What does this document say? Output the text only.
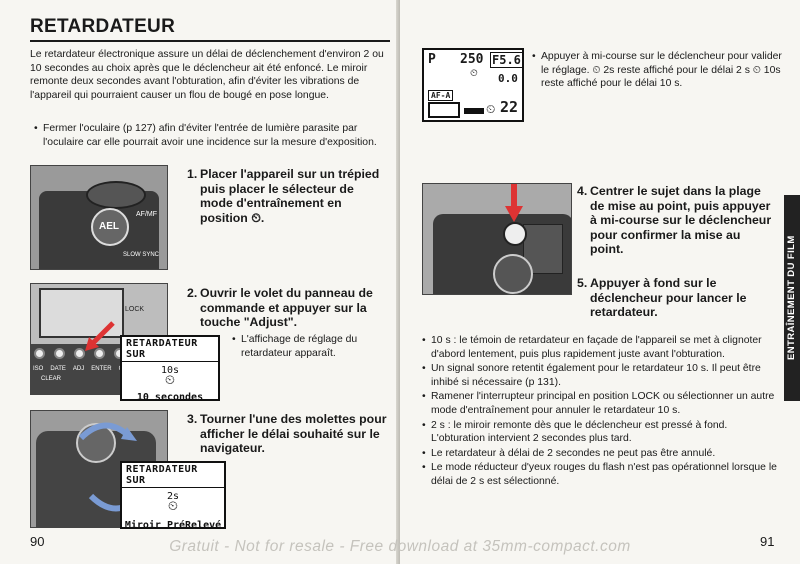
RETARDATEUR
Le retardateur électronique assure un délai de déclenchement d'environ 2 ou 10 secondes au choix après que le déclencheur ait été enfoncé. Le miroir remonte deux secondes avant l'obturation, afin d'éviter les vibrations de l'appareil qui pourraient causer un flou de bougé en pose longue.
• Fermer l'oculaire (p 127) afin d'éviter l'entrée de lumière parasite par l'oculaire car elle pourrait avoir une incidence sur la mesure d'exposition.
AEL
AF/MF
SLOW SYNC
1. Placer l'appareil sur un trépied puis placer le sélecteur de mode d'entraînement en position ⏲.
LOCK
ISO DATE ADJ ENTER
CLEAR
RETARDATEUR SUR
10s
⏲
10 secondes
2. Ouvrir le volet du panneau de commande et appuyer sur la touche "Adjust".
• L'affichage de réglage du retardateur apparaît.
RETARDATEUR SUR
2s
⏲
Miroir PréRelevé
3. Tourner l'une des molettes pour afficher le délai souhaité sur le navigateur.
90
P 250 F5.6
⏲ 0.0
AF-A
⏲ 22
• Appuyer à mi-course sur le déclencheur pour valider le réglage. ⏲ 2s reste affiché pour le délai 2 s ⏲ 10s reste affiché pour le délai 10 s.
4. Centrer le sujet dans la plage de mise au point, puis appuyer à mi-course sur le déclencheur pour confirmer la mise au point.
5. Appuyer à fond sur le déclencheur pour lancer le retardateur.
• 10 s : le témoin de retardateur en façade de l'appareil se met à clignoter d'abord lentement, puis plus rapidement juste avant l'obturation.
• Un signal sonore retentit également pour le retardateur 10 s. Il peut être inhibé si nécessaire (p 131).
• Ramener l'interrupteur principal en position LOCK ou sélectionner un autre mode d'entraînement pour annuler le retardateur 10 s.
• 2 s : le miroir remonte dès que le déclencheur est pressé à fond. L'obturation intervient 2 secondes plus tard.
• Le retardateur à délai de 2 secondes ne peut pas être annulé.
• Le mode réducteur d'yeux rouges du flash n'est pas opérationnel lorsque le délai de 2 s est sélectionné.
91
ENTRAÎNEMENT DU FILM
Gratuit - Not for resale - Free download at 35mm-compact.com
